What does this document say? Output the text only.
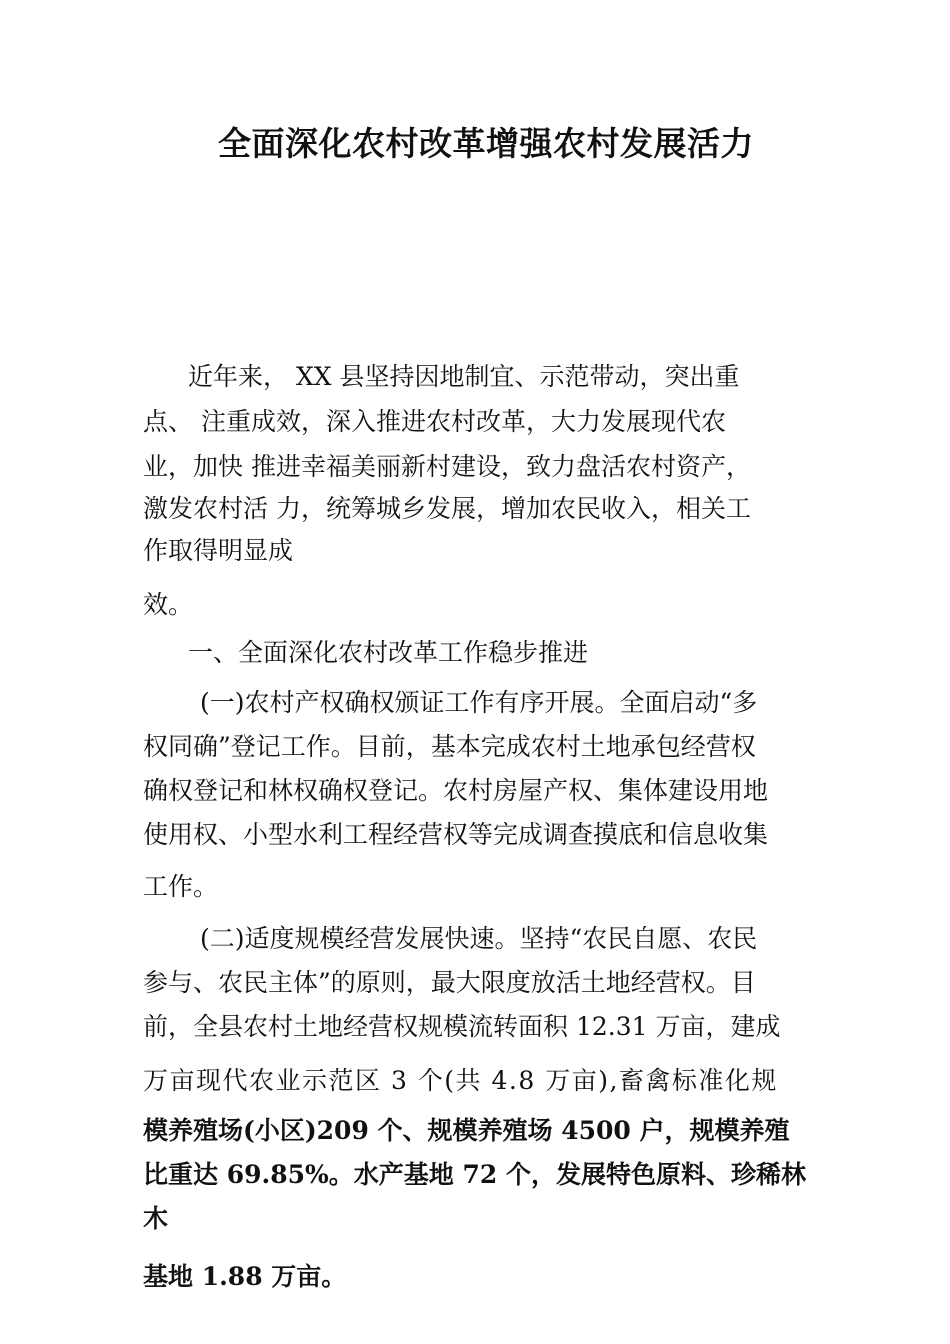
全面深化农村改革增强农村发展活力

近年来， XX 县坚持因地制宜、示范带动，突出重

点、 注重成效，深入推进农村改革，大力发展现代农

业，加快 推进幸福美丽新村建设，致力盘活农村资产，

激发农村活 力，统筹城乡发展，增加农民收入，相关工

作取得明显成

效。

一、全面深化农村改革工作稳步推进

(一)农村产权确权颁证工作有序开展。全面启动“多

权同确”登记工作。目前，基本完成农村土地承包经营权

确权登记和林权确权登记。农村房屋产权、集体建设用地

使用权、小型水利工程经营权等完成调查摸底和信息收集

工作。

(二)适度规模经营发展快速。坚持“农民自愿、农民

参与、农民主体”的原则，最大限度放活土地经营权。目

前，全县农村土地经营权规模流转面积 12.31 万亩，建成

万亩现代农业示范区 3 个(共 4.8 万亩),畜禽标准化规

模养殖场(小区)209 个、规模养殖场 4500 户，规模养殖

比重达 69.85%。水产基地 72 个，发展特色原料、珍稀林

木

基地 1.88 万亩。
